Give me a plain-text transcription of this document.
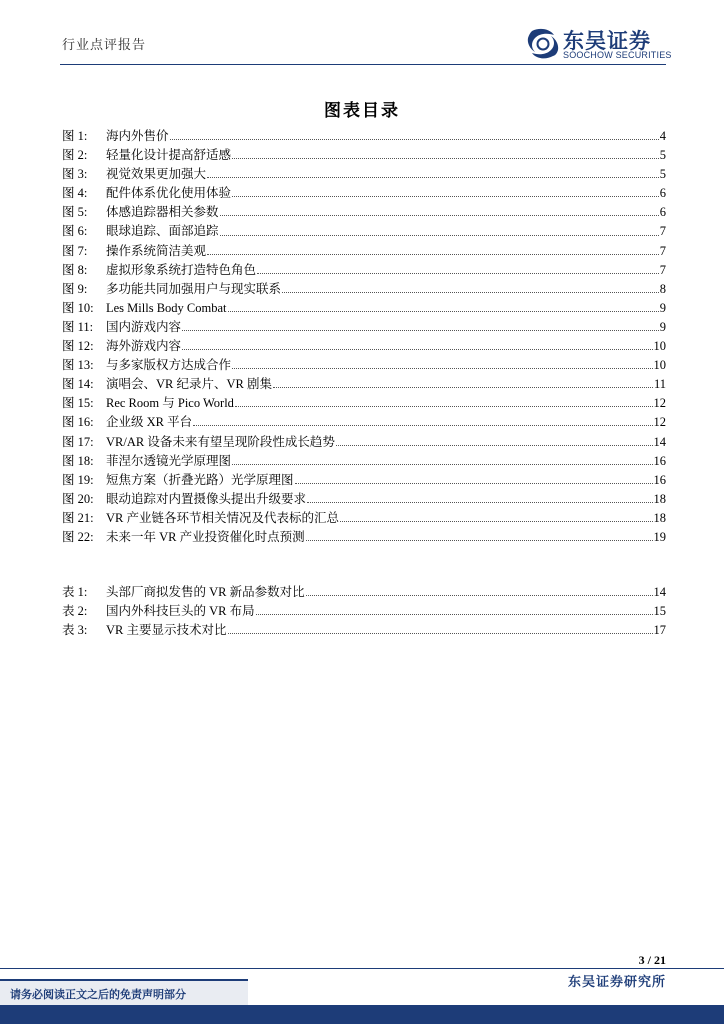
行业点评报告	东吴证券
SOOCHOW SECURITIES
图表目录
图 1:	海内外售价	4
图 2:	轻量化设计提高舒适感	5
图 3:	视觉效果更加强大	5
图 4:	配件体系优化使用体验	6
图 5:	体感追踪器相关参数	6
图 6:	眼球追踪、面部追踪	7
图 7:	操作系统简洁美观	7
图 8:	虚拟形象系统打造特色角色	7
图 9:	多功能共同加强用户与现实联系	8
图 10: Les Mills Body Combat	9
图 11:	国内游戏内容	9
图 12: 海外游戏内容	10
图 13: 与多家版权方达成合作	10
图 14: 演唱会、VR 纪录片、VR 剧集	11
图 15: Rec Room 与 Pico World	12
图 16: 企业级 XR 平台	12
图 17: VR/AR 设备未来有望呈现阶段性成长趋势	14
图 18: 菲涅尔透镜光学原理图	16
图 19: 短焦方案（折叠光路）光学原理图	16
图 20: 眼动追踪对内置摄像头提出升级要求	18
图 21: VR 产业链各环节相关情况及代表标的汇总	18
图 22: 未来一年 VR 产业投资催化时点预测	19
表 1:	头部厂商拟发售的 VR 新品参数对比	14
表 2:	国内外科技巨头的 VR 布局	15
表 3:	VR 主要显示技术对比	17
3 / 21
请务必阅读正文之后的免责声明部分
东吴证券研究所
